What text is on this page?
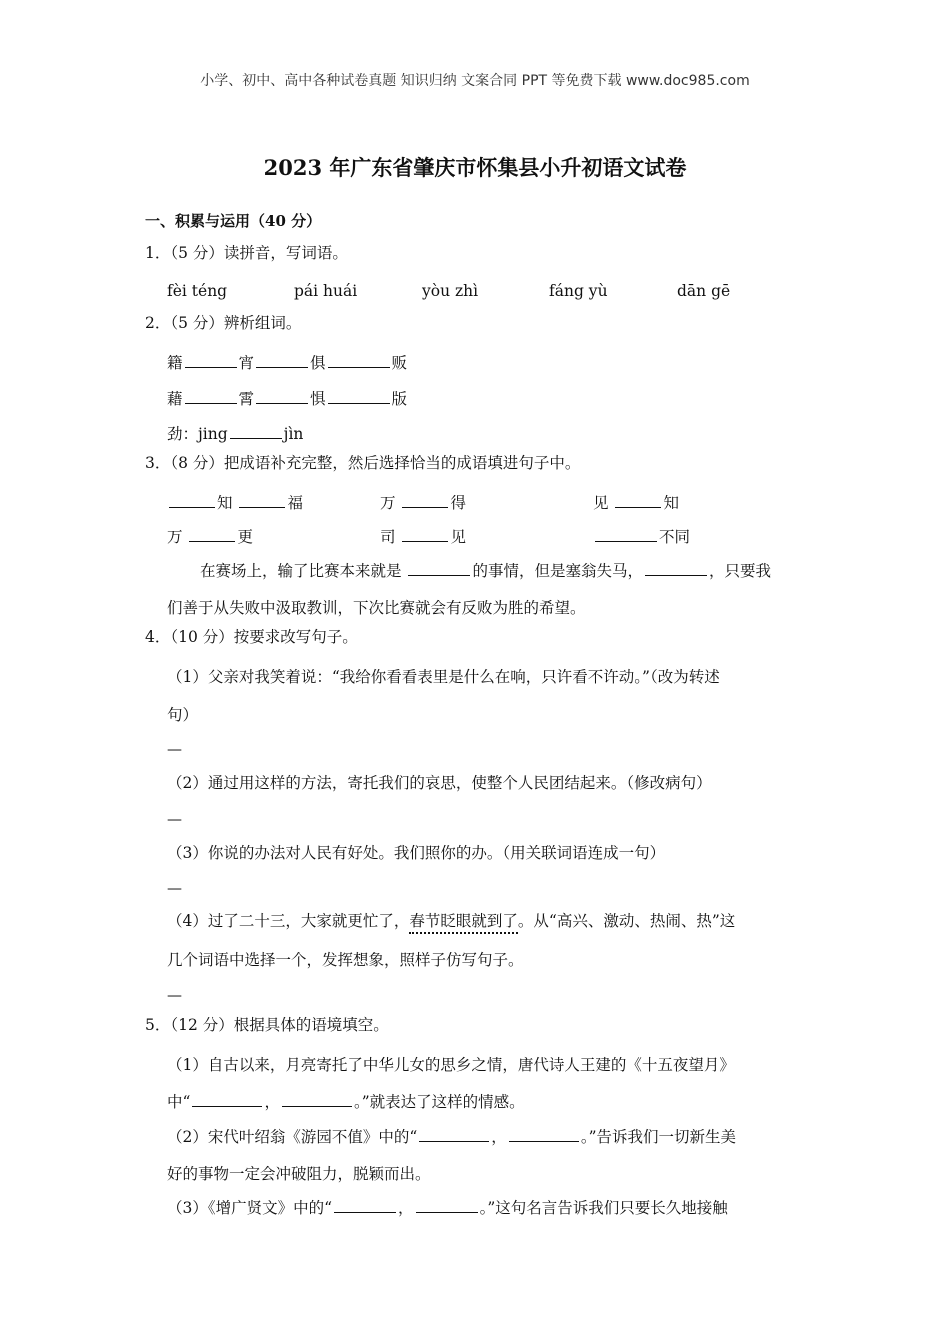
小学、初中、高中各种试卷真题 知识归纳 文案合同 PPT 等免费下载 www.doc985.com
2023 年广东省肇庆市怀集县小升初语文试卷
一、积累与运用（40 分）
1．（5 分）读拼音，写词语。
fèi téng	pái huái	yòu zhì	fáng yù	dān gē
2．（5 分）辨析组词。
籍	宵	俱	贩
藉	霄	惧	版
劲：jing	jìn
3．（8 分）把成语补充完整，然后选择恰当的成语填进句子中。
知	福	万	得	见	知
万	更	司	见	不同
在赛场上，输了比赛本来就是	的事情，但是塞翁失马，	，只要我
们善于从失败中汲取教训，下次比赛就会有反败为胜的希望。
4．（10 分）按要求改写句子。
（1）父亲对我笑着说：“我给你看看表里是什么在响，只许看不许动。”（改为转述
句）
—
（2）通过用这样的方法，寄托我们的哀思，使整个人民团结起来。（修改病句）
—
（3）你说的办法对人民有好处。我们照你的办。（用关联词语连成一句）
—
（4）过了二十三，大家就更忙了，春节眨眼就到了。从“高兴、激动、热闹、热”这
几个词语中选择一个，发挥想象，照样子仿写句子。
—
5．（12 分）根据具体的语境填空。
（1）自古以来，月亮寄托了中华儿女的思乡之情，唐代诗人王建的《十五夜望月》
中“	，	。”就表达了这样的情感。
（2）宋代叶绍翁《游园不值》中的“	，	。”告诉我们一切新生美
好的事物一定会冲破阻力，脱颖而出。
（3）《增广贤文》中的“	，	。”这句名言告诉我们只要长久地接触
